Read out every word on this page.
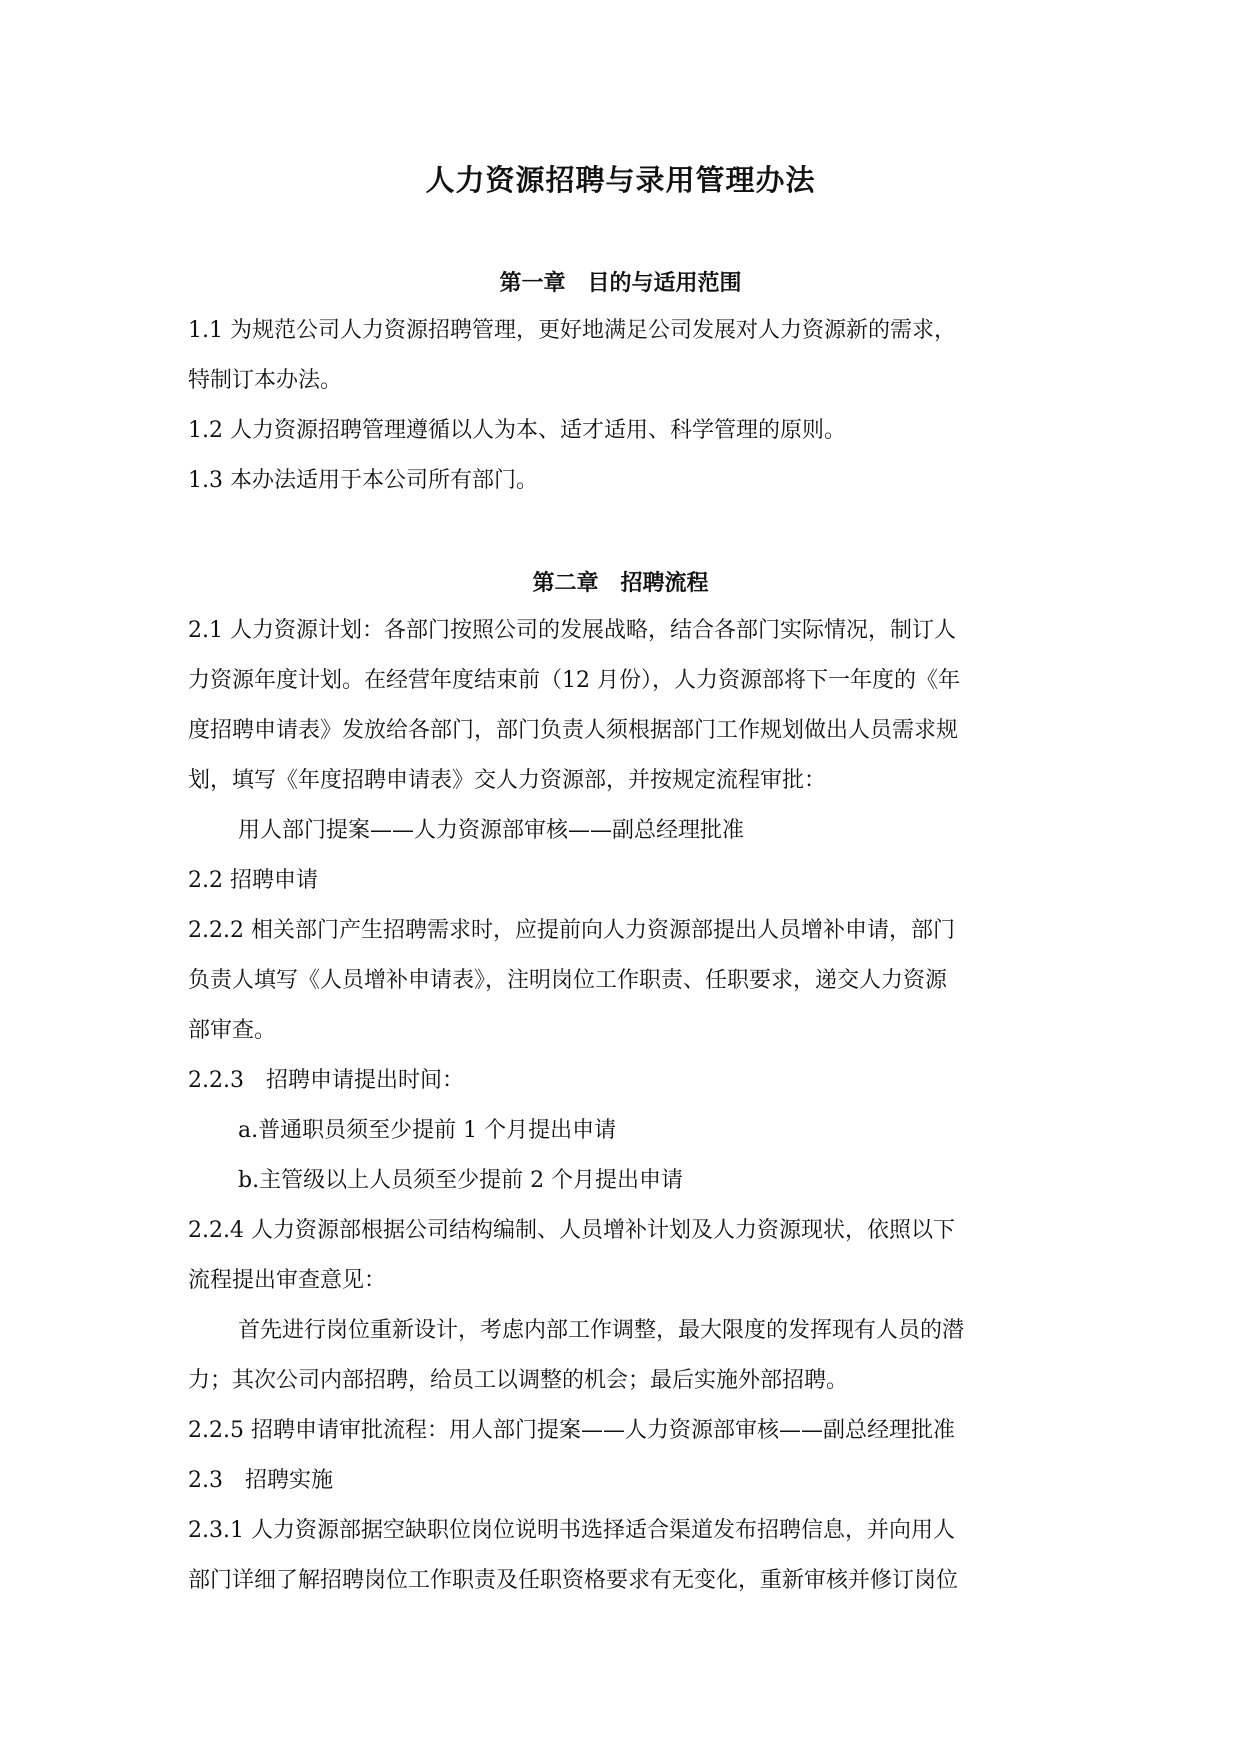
人力资源招聘与录用管理办法
第一章　目的与适用范围
1.1 为规范公司人力资源招聘管理，更好地满足公司发展对人力资源新的需求，
特制订本办法。
1.2 人力资源招聘管理遵循以人为本、适才适用、科学管理的原则。
1.3 本办法适用于本公司所有部门。
第二章　招聘流程
2.1 人力资源计划：各部门按照公司的发展战略，结合各部门实际情况，制订人
力资源年度计划。在经营年度结束前（12 月份），人力资源部将下一年度的《年
度招聘申请表》发放给各部门，部门负责人须根据部门工作规划做出人员需求规
划，填写《年度招聘申请表》交人力资源部，并按规定流程审批：
用人部门提案——人力资源部审核——副总经理批准
2.2 招聘申请
2.2.2 相关部门产生招聘需求时，应提前向人力资源部提出人员增补申请，部门
负责人填写《人员增补申请表》，注明岗位工作职责、任职要求，递交人力资源
部审查。
2.2.3　招聘申请提出时间：
a.普通职员须至少提前 1 个月提出申请
b.主管级以上人员须至少提前 2 个月提出申请
2.2.4 人力资源部根据公司结构编制、人员增补计划及人力资源现状，依照以下
流程提出审查意见：
首先进行岗位重新设计，考虑内部工作调整，最大限度的发挥现有人员的潜
力；其次公司内部招聘，给员工以调整的机会；最后实施外部招聘。
2.2.5 招聘申请审批流程：用人部门提案——人力资源部审核——副总经理批准
2.3　招聘实施
2.3.1 人力资源部据空缺职位岗位说明书选择适合渠道发布招聘信息，并向用人
部门详细了解招聘岗位工作职责及任职资格要求有无变化，重新审核并修订岗位
